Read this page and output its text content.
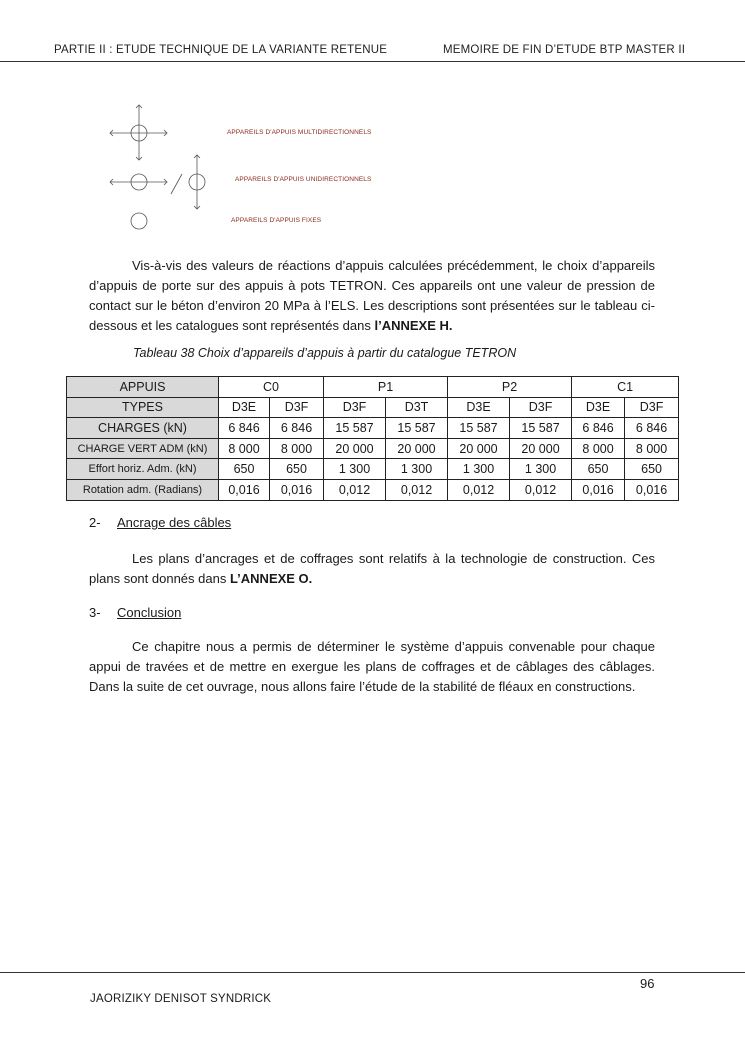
PARTIE II : ETUDE TECHNIQUE DE LA VARIANTE RETENUE	MEMOIRE DE FIN D’ETUDE BTP MASTER II
APPAREILS D'APPUIS MULTIDIRECTIONNELS
APPAREILS D'APPUIS UNIDIRECTIONNELS
APPAREILS D'APPUIS FIXES
Vis-à-vis des valeurs de réactions d’appuis calculées précédemment, le choix d’appareils d’appuis de porte sur des appuis à pots TETRON. Ces appareils ont une valeur de pression de contact sur le béton d’environ 20 MPa à l’ELS. Les descriptions sont présentées sur le tableau ci-dessous et les catalogues sont représentés dans l’ANNEXE H.
Tableau 38 Choix d’appareils d’appuis à partir du catalogue TETRON
APPUIS	C0		P1		P2		C1	
TYPES	D3E	D3F	D3F	D3T	D3E	D3F	D3E	D3F
CHARGES (kN)	6 846	6 846	15 587	15 587	15 587	15 587	6 846	6 846
CHARGE VERT ADM (kN)	8 000	8 000	20 000	20 000	20 000	20 000	8 000	8 000
Effort horiz. Adm. (kN)	650	650	1 300	1 300	1 300	1 300	650	650
Rotation adm. (Radians)	0,016	0,016	0,012	0,012	0,012	0,012	0,016	0,016
2- Ancrage des câbles
Les plans d’ancrages et de coffrages sont relatifs à la technologie de construction. Ces plans sont donnés dans L’ANNEXE O.
3- Conclusion
Ce chapitre nous a permis de déterminer le système d’appuis convenable pour chaque appui de travées et de mettre en exergue les plans de coffrages et de câblages des câblages. Dans la suite de cet ouvrage, nous allons faire l’étude de la stabilité de fléaux en constructions.
96
JAORIZIKY DENISOT SYNDRICK
